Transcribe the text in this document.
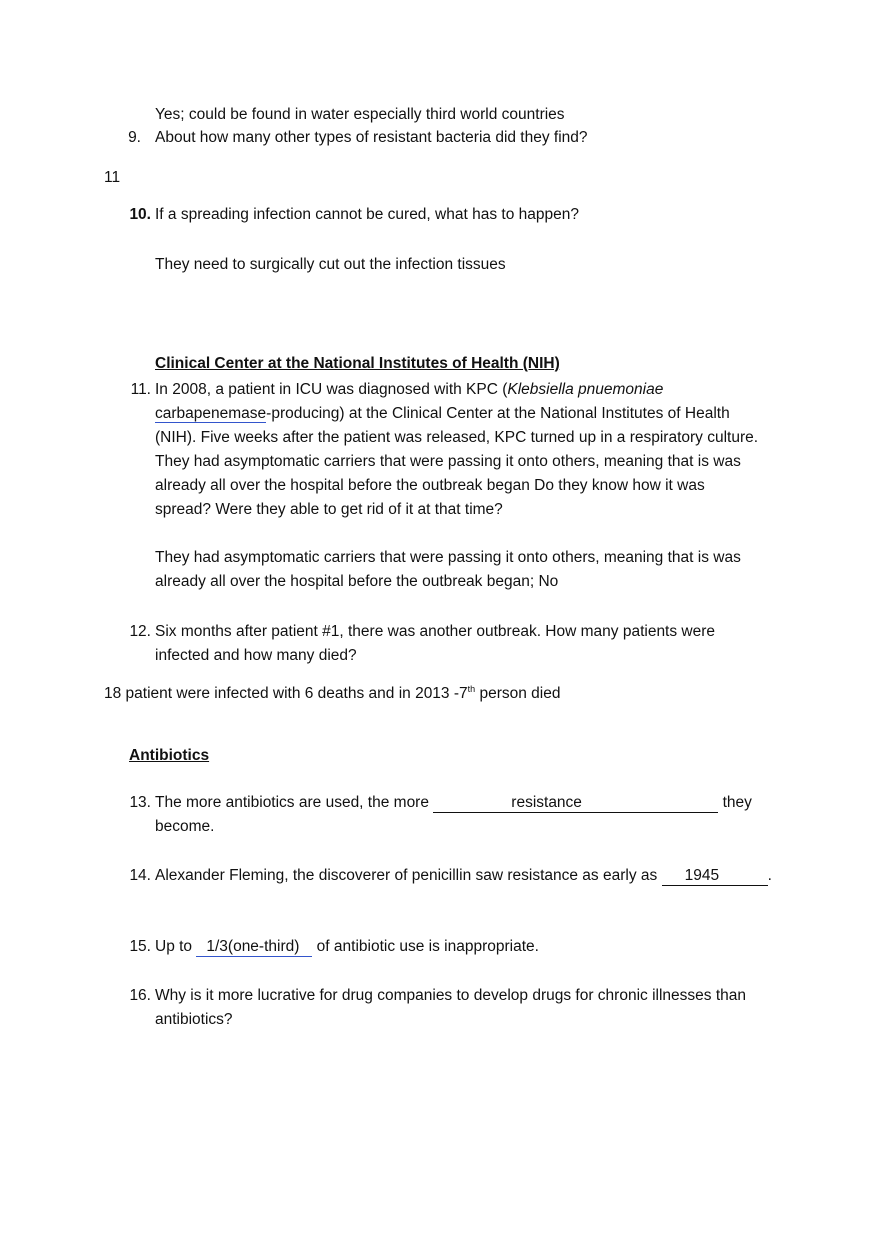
Yes; could be found in water especially third world countries
9. About how many other types of resistant bacteria did they find?
11
10. If a spreading infection cannot be cured, what has to happen?
They need to surgically cut out the infection tissues
Clinical Center at the National Institutes of Health (NIH)
11. In 2008, a patient in ICU was diagnosed with KPC (Klebsiella pnuemoniae
carbapenemase-producing) at the Clinical Center at the National Institutes of Health
(NIH). Five weeks after the patient was released, KPC turned up in a respiratory culture.
They had asymptomatic carriers that were passing it onto others, meaning that is was
already all over the hospital before the outbreak began Do they know how it was
spread? Were they able to get rid of it at that time?
They had asymptomatic carriers that were passing it onto others, meaning that is was
already all over the hospital before the outbreak began; No
12. Six months after patient #1, there was another outbreak. How many patients were
infected and how many died?
18 patient were infected with 6 deaths and in 2013 -7th person died
Antibiotics
13. The more antibiotics are used, the more	resistance	they
become.
14. Alexander Fleming, the discoverer of penicillin saw resistance as early as 1945	.
15. Up to 1/3(one-third) of antibiotic use is inappropriate.
16. Why is it more lucrative for drug companies to develop drugs for chronic illnesses than
antibiotics?
